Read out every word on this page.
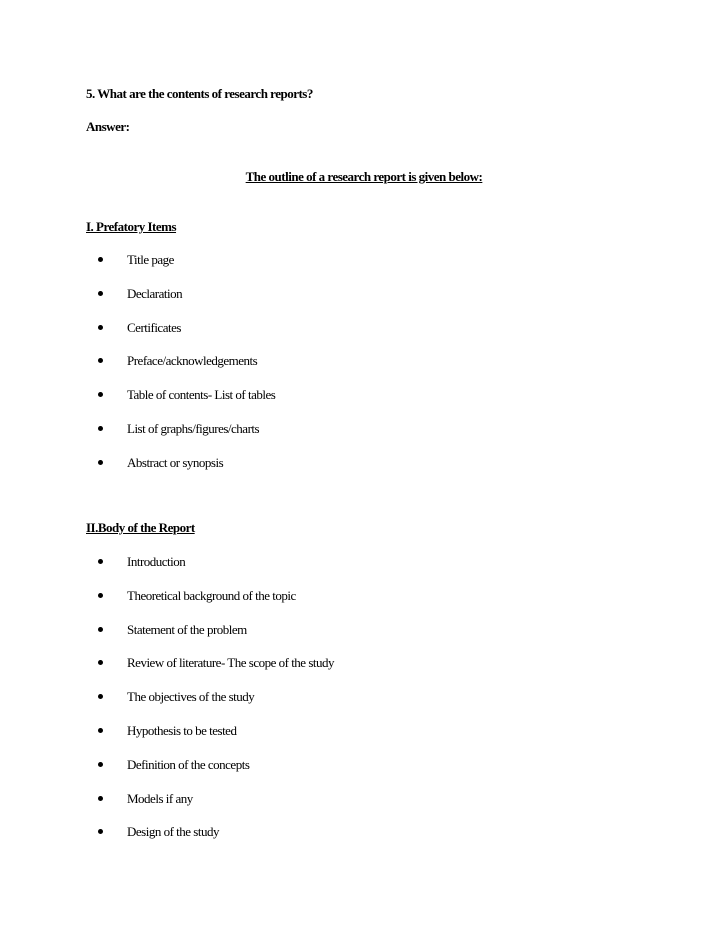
5. What are the contents of research reports?
Answer:
The outline of a research report is given below:
I. Prefatory Items
Title page
Declaration
Certificates
Preface/acknowledgements
Table of contents- List of tables
List of graphs/figures/charts
Abstract or synopsis
II.Body of the Report
Introduction
Theoretical background of the topic
Statement of the problem
Review of literature- The scope of the study
The objectives of the study
Hypothesis to be tested
Definition of the concepts
Models if any
Design of the study
